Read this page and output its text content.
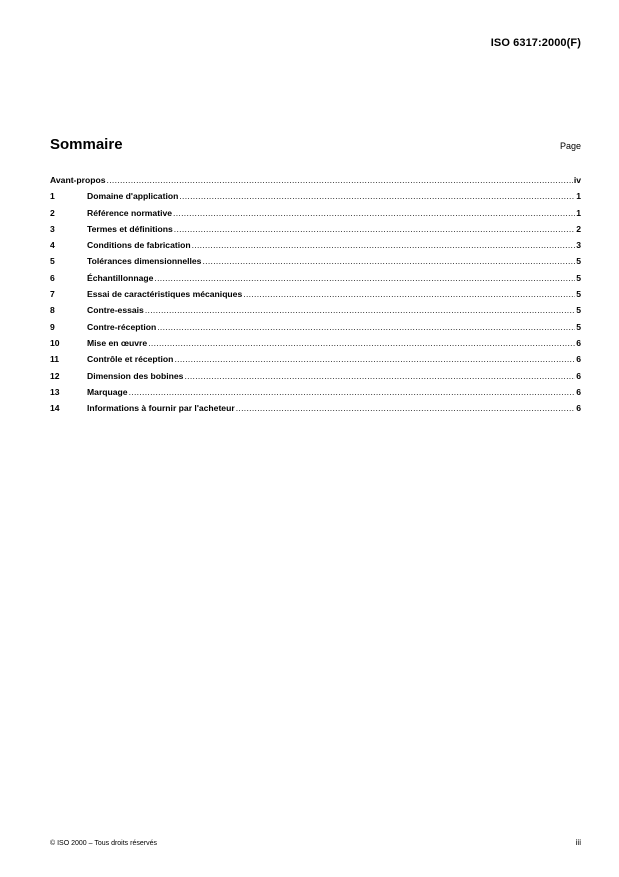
ISO 6317:2000(F)
Sommaire	Page
Avant-propos .....	iv
1	Domaine d'application .....	1
2	Référence normative .....	1
3	Termes et définitions .....	2
4	Conditions de fabrication .....	3
5	Tolérances dimensionnelles .....	5
6	Échantillonnage .....	5
7	Essai de caractéristiques mécaniques .....	5
8	Contre-essais .....	5
9	Contre-réception .....	5
10	Mise en œuvre .....	6
11	Contrôle et réception .....	6
12	Dimension des bobines .....	6
13	Marquage .....	6
14	Informations à fournir par l'acheteur .....	6
© ISO 2000 – Tous droits réservés	iii
